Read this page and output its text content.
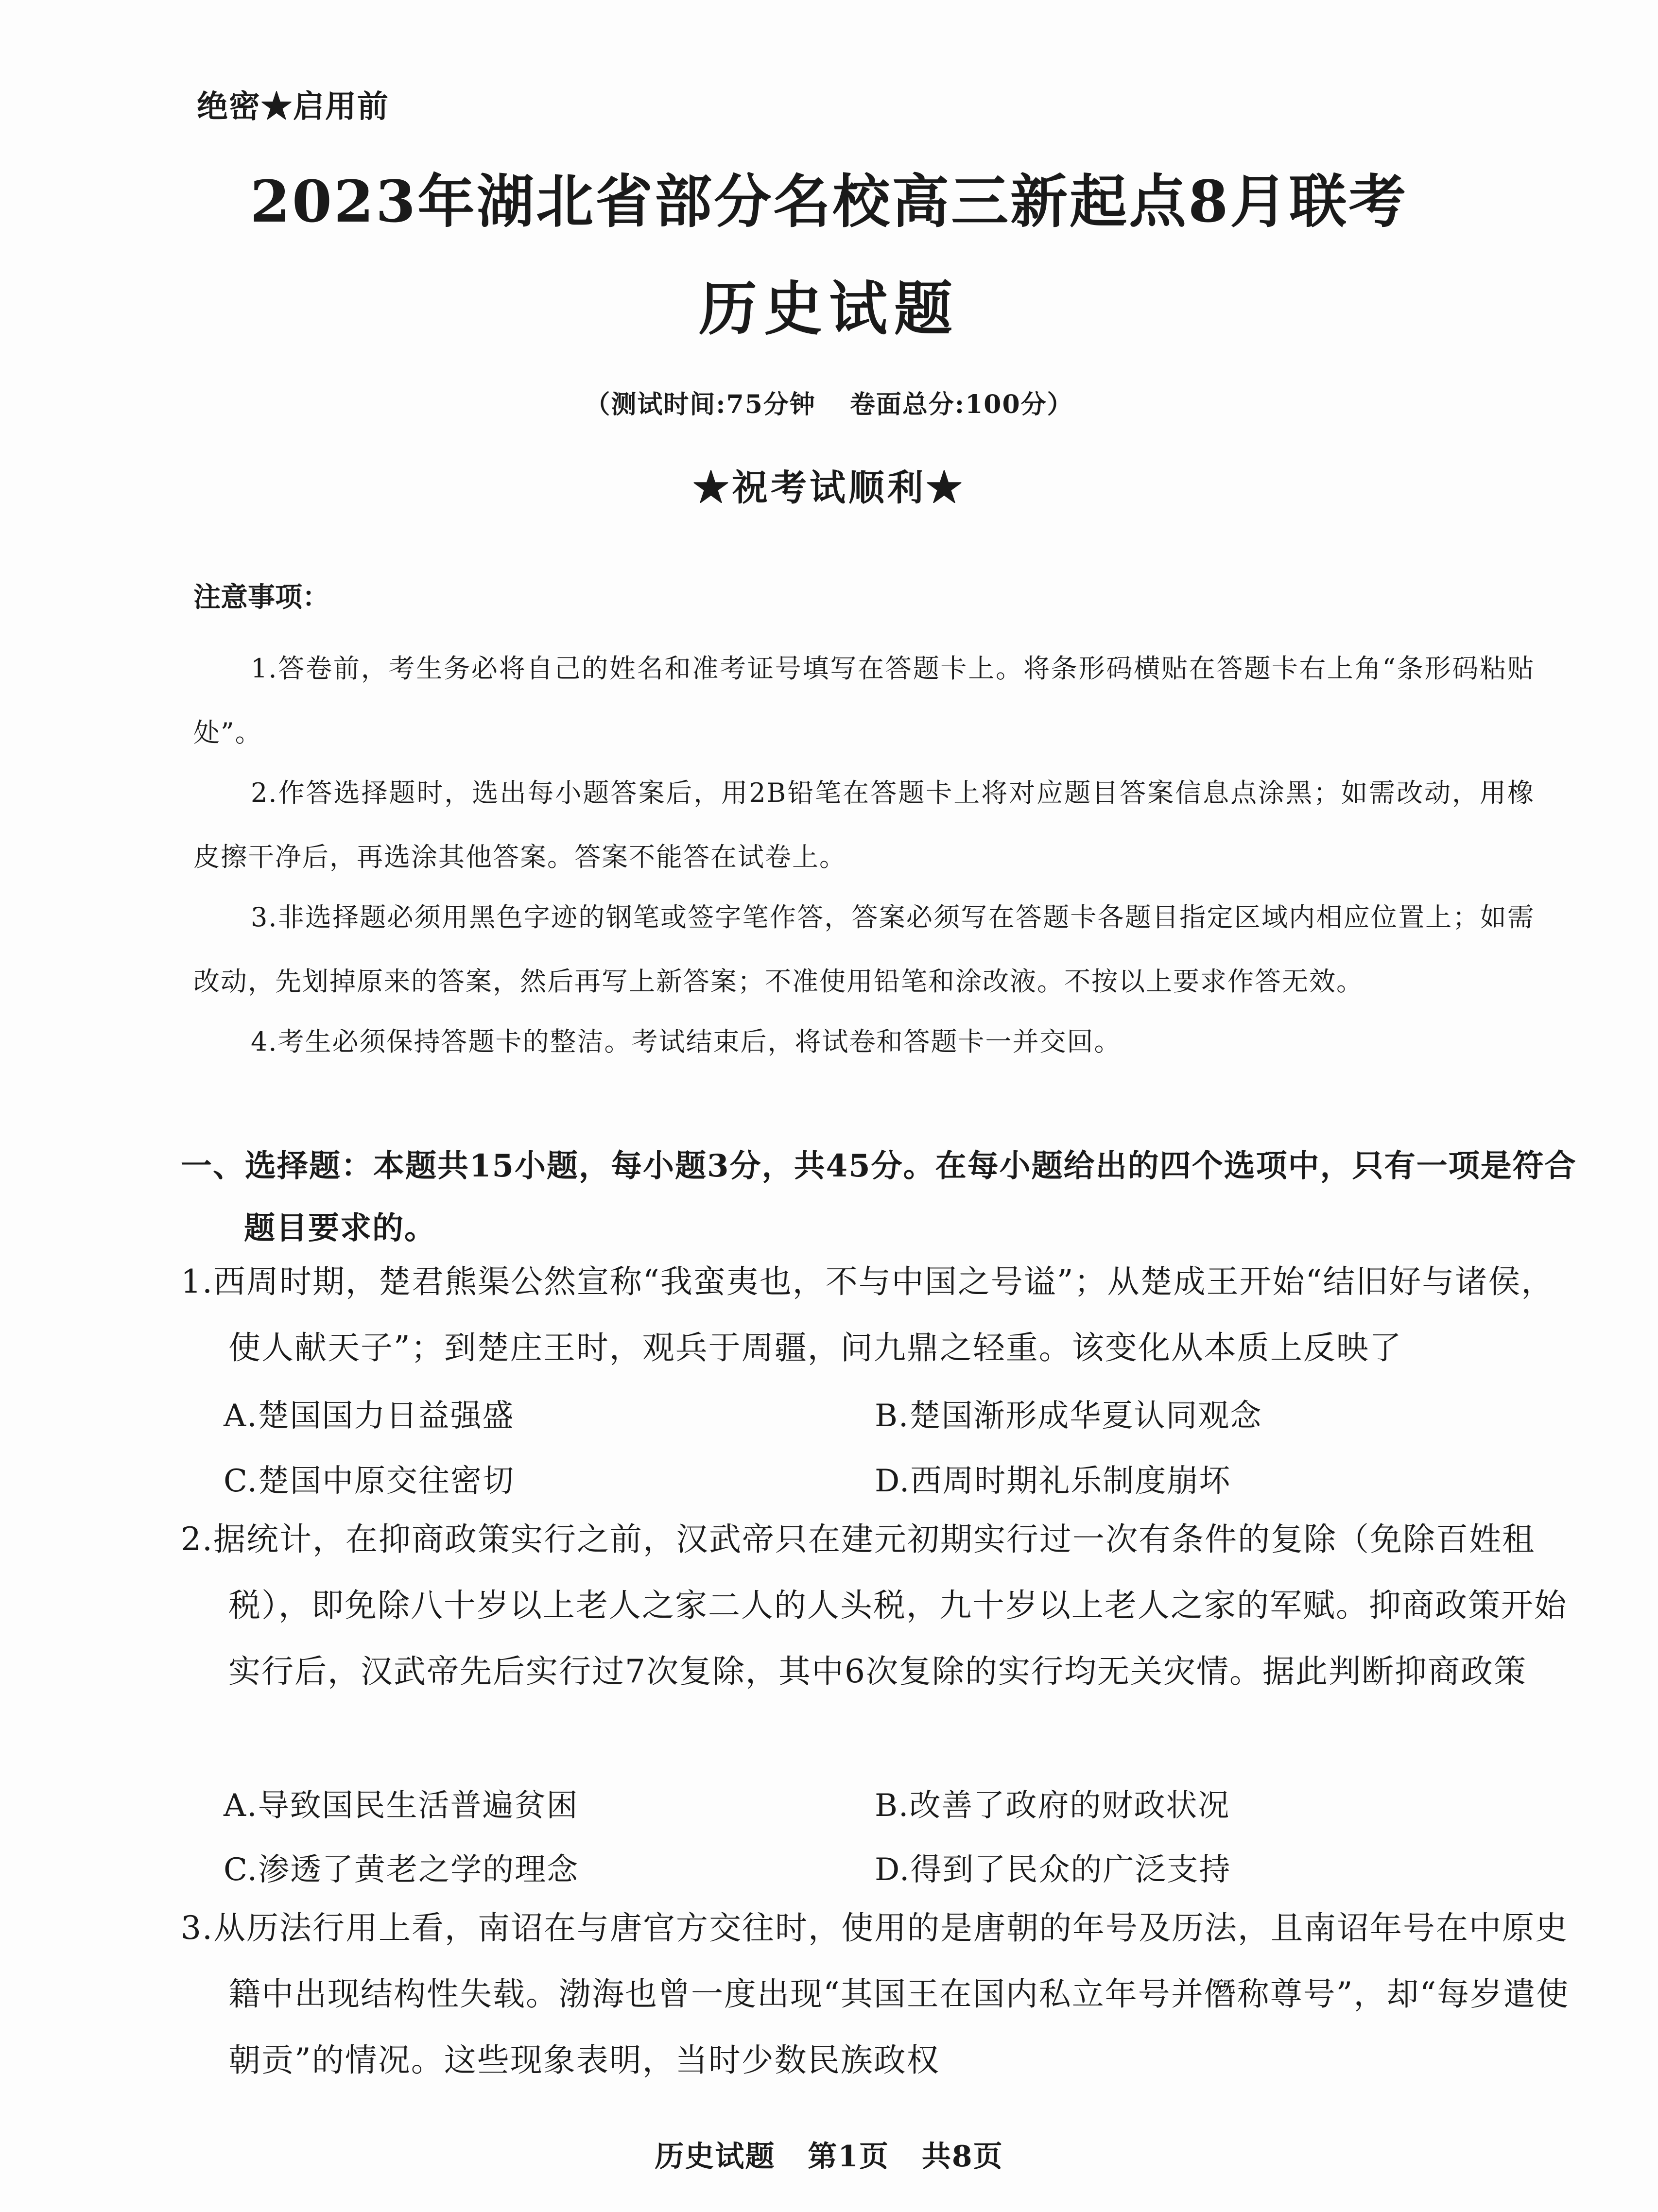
绝密★启用前
2023年湖北省部分名校高三新起点8月联考
历史试题
（测试时间:75分钟 卷面总分:100分）
★祝考试顺利★
注意事项：
1.答卷前，考生务必将自己的姓名和准考证号填写在答题卡上。将条形码横贴在答题卡右上角“条形码粘贴处”。
2.作答选择题时，选出每小题答案后，用2B铅笔在答题卡上将对应题目答案信息点涂黑；如需改动，用橡皮擦干净后，再选涂其他答案。答案不能答在试卷上。
3.非选择题必须用黑色字迹的钢笔或签字笔作答，答案必须写在答题卡各题目指定区域内相应位置上；如需改动，先划掉原来的答案，然后再写上新答案；不准使用铅笔和涂改液。不按以上要求作答无效。
4.考生必须保持答题卡的整洁。考试结束后，将试卷和答题卡一并交回。
一、选择题：本题共15小题，每小题3分，共45分。在每小题给出的四个选项中，只有一项是符合题目要求的。
1.西周时期，楚君熊渠公然宣称“我蛮夷也，不与中国之号谥”；从楚成王开始“结旧好与诸侯，使人献天子”；到楚庄王时，观兵于周疆，问九鼎之轻重。该变化从本质上反映了
A.楚国国力日益强盛	B.楚国渐形成华夏认同观念
C.楚国中原交往密切	D.西周时期礼乐制度崩坏
2.据统计，在抑商政策实行之前，汉武帝只在建元初期实行过一次有条件的复除（免除百姓租税），即免除八十岁以上老人之家二人的人头税，九十岁以上老人之家的军赋。抑商政策开始实行后，汉武帝先后实行过7次复除，其中6次复除的实行均无关灾情。据此判断抑商政策
A.导致国民生活普遍贫困	B.改善了政府的财政状况
C.渗透了黄老之学的理念	D.得到了民众的广泛支持
3.从历法行用上看，南诏在与唐官方交往时，使用的是唐朝的年号及历法，且南诏年号在中原史籍中出现结构性失载。渤海也曾一度出现“其国王在国内私立年号并僭称尊号”，却“每岁遣使朝贡”的情况。这些现象表明，当时少数民族政权
历史试题 第1页 共8页
